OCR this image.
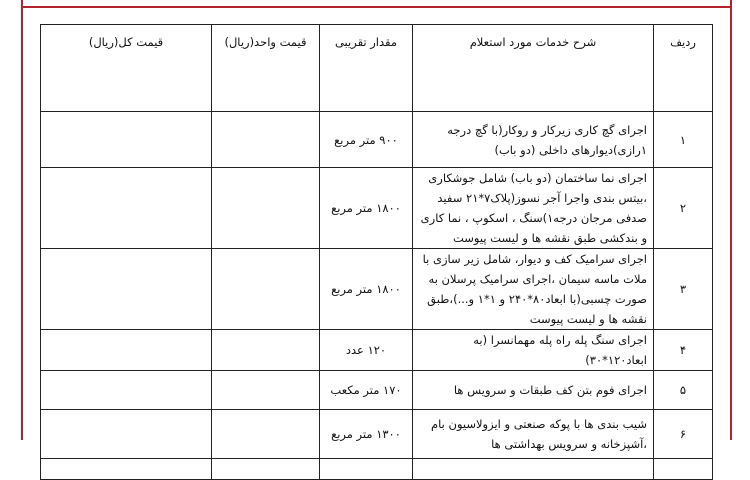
ردیف	شرح خدمات مورد استعلام	مقدار تقریبی	قیمت واحد(ریال)	قیمت کل(ریال)
۱	اجرای گچ کاری زیرکار و روکار(با گچ درجه ۱رازی)دیوارهای داخلی (دو باب)	۹۰۰ متر مربع		
۲	اجرای نما ساختمان (دو باب) شامل جوشکاری ،بیتس بندی واجرا آجر نسوز(پلاک۷*۲۱ سفید صدفی مرجان درجه۱)سنگ ، اسکوپ ، نما کاری و بندکشی طبق نقشه ها و لیست پیوست	۱۸۰۰ متر مربع		
۳	اجرای سرامیک کف و دیوار، شامل زیر سازی با ملات ماسه سیمان ،اجرای سرامیک پرسلان به صورت چسبی(با ابعاد۸۰*۲۴۰ و ۱*۱ و...)،طبق نقشه ها و لیست پیوست	۱۸۰۰ متر مربع		
۴	اجرای سنگ پله راه پله مهمانسرا (به ابعاد۱۲۰*۳۰)	۱۲۰ عدد		
۵	اجرای فوم بتن کف طبقات و سرویس ها	۱۷۰ متر مکعب		
۶	شیب بندی ها با پوکه صنعتی و ایزولاسیون بام ،آشپزخانه و سرویس بهداشتی ها	۱۳۰۰ متر مربع		
